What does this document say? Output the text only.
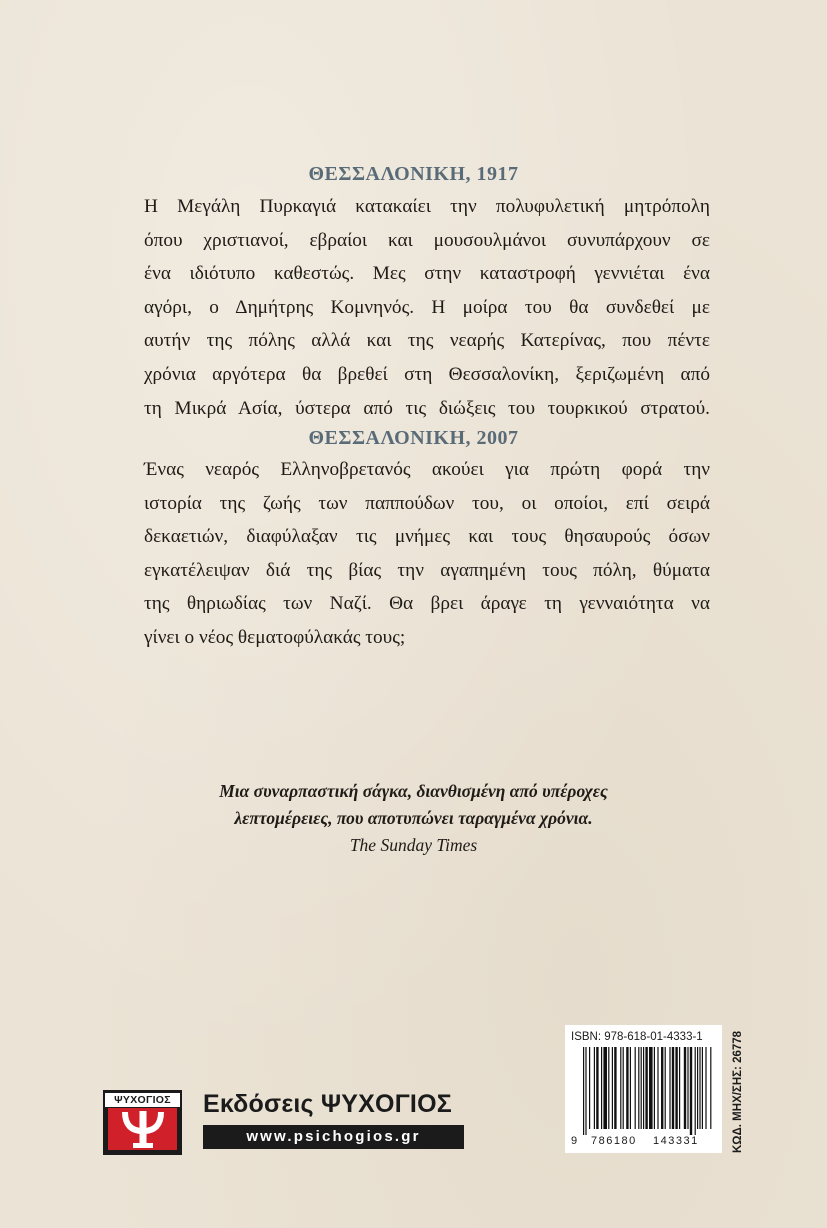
ΘΕΣΣΑΛΟΝΙΚΗ, 1917
Η Μεγάλη Πυρκαγιά κατακαίει την πολυφυλετική μητρόπολη
όπου χριστιανοί, εβραίοι και μουσουλμάνοι συνυπάρχουν σε
ένα ιδιότυπο καθεστώς. Μες στην καταστροφή γεννιέται ένα
αγόρι, ο Δημήτρης Κομνηνός. Η μοίρα του θα συνδεθεί με
αυτήν της πόλης αλλά και της νεαρής Κατερίνας, που πέντε
χρόνια αργότερα θα βρεθεί στη Θεσσαλονίκη, ξεριζωμένη από
τη Μικρά Ασία, ύστερα από τις διώξεις του τουρκικού στρατού.
ΘΕΣΣΑΛΟΝΙΚΗ, 2007
Ένας νεαρός Ελληνοβρετανός ακούει για πρώτη φορά την
ιστορία της ζωής των παππούδων του, οι οποίοι, επί σειρά
δεκαετιών, διαφύλαξαν τις μνήμες και τους θησαυρούς όσων
εγκατέλειψαν διά της βίας την αγαπημένη τους πόλη, θύματα
της θηριωδίας των Ναζί. Θα βρει άραγε τη γενναιότητα να
γίνει ο νέος θεματοφύλακάς τους;
Μια συναρπαστική σάγκα, διανθισμένη από υπέροχες
λεπτομέρειες, που αποτυπώνει ταραγμένα χρόνια.
The Sunday Times
ΨΥΧΟΓΙΟΣ	Εκδόσεις ΨΥΧΟΓΙΟΣ
www.psichogios.gr
ISBN: 978-618-01-4333-1
9 786180 143331	ΚΩΔ. ΜΗΧ/ΣΗΣ: 26778
